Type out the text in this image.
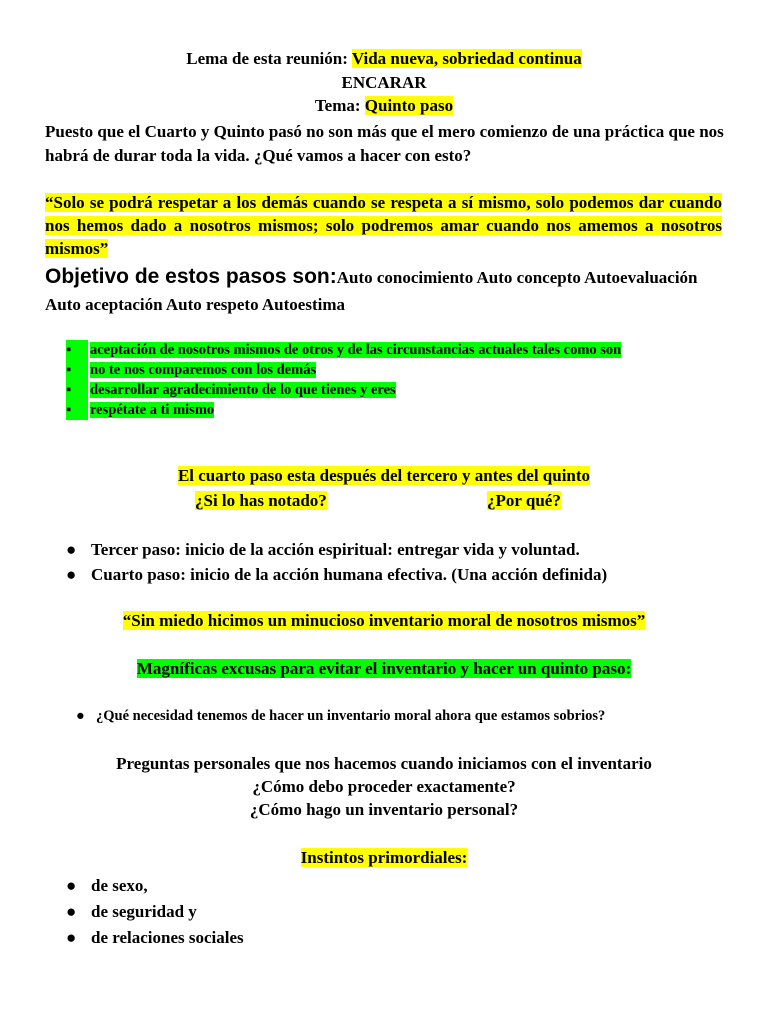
Lema de esta reunión: Vida nueva, sobriedad continua
ENCARAR
Tema: Quinto paso
Puesto que el Cuarto y Quinto pasó no son más que el mero comienzo de una práctica que nos habrá de durar toda la vida. ¿Qué vamos a hacer con esto?
“Solo se podrá respetar a los demás cuando se respeta a sí mismo, solo podemos dar cuando nos hemos dado a nosotros mismos; solo podremos amar cuando nos amemos a nosotros mismos”
Objetivo de estos pasos son:Auto conocimiento Auto concepto Autoevaluación Auto aceptación Auto respeto Autoestima
▪	aceptación de nosotros mismos de otros y de las circunstancias actuales tales como son
▪	no te nos comparemos con los demás
▪	desarrollar agradecimiento de lo que tienes y eres
▪	respétate a ti mismo
El cuarto paso esta después del tercero y antes del quinto
¿Si lo has notado?	¿Por qué?
● Tercer paso: inicio de la acción espiritual: entregar vida y voluntad.
● Cuarto paso: inicio de la acción humana efectiva. (Una acción definida)
“Sin miedo hicimos un minucioso inventario moral de nosotros mismos”
Magníficas excusas para evitar el inventario y hacer un quinto paso:
● ¿Qué necesidad tenemos de hacer un inventario moral ahora que estamos sobrios?
Preguntas personales que nos hacemos cuando iniciamos con el inventario
¿Cómo debo proceder exactamente?
¿Cómo hago un inventario personal?
Instintos primordiales:
● de sexo,
● de seguridad y
● de relaciones sociales
